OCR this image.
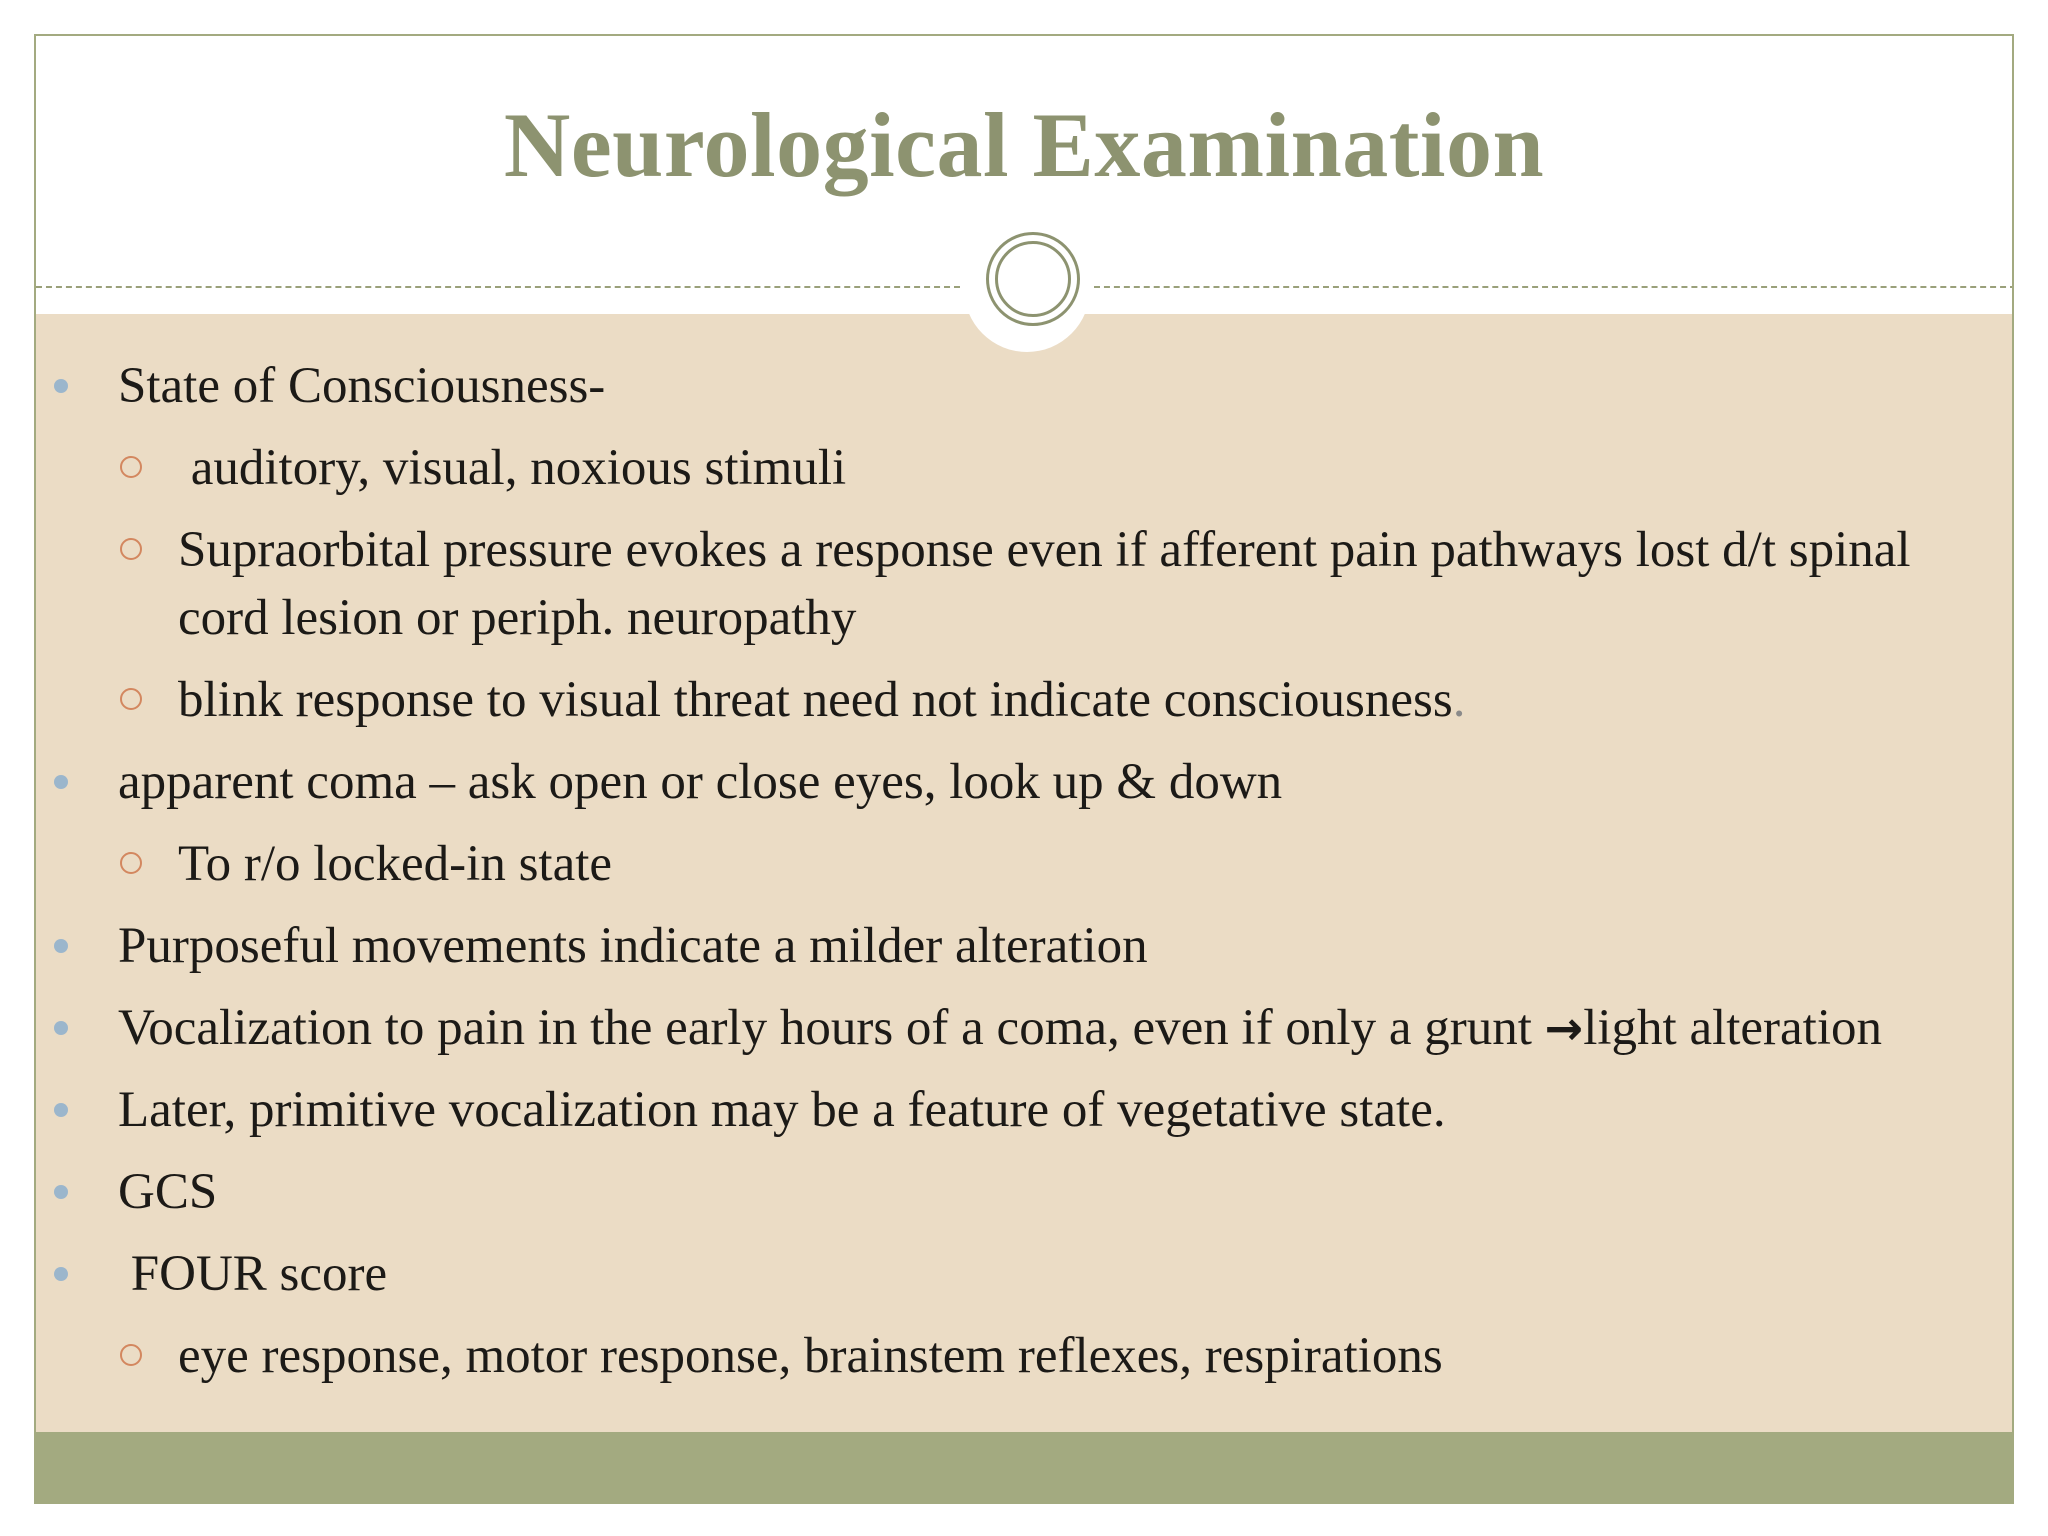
Neurological Examination
State of Consciousness-
auditory, visual, noxious stimuli
Supraorbital pressure evokes a response even if afferent pain pathways lost d/t spinal cord lesion or periph. neuropathy
blink response to visual threat need not indicate consciousness.
apparent coma – ask open or close eyes, look up & down
To r/o locked-in state
Purposeful movements indicate a milder alteration
Vocalization to pain in the early hours of a coma, even if only a grunt →light alteration
Later, primitive vocalization may be a feature of vegetative state.
GCS
FOUR score
eye response, motor response, brainstem reflexes, respirations
